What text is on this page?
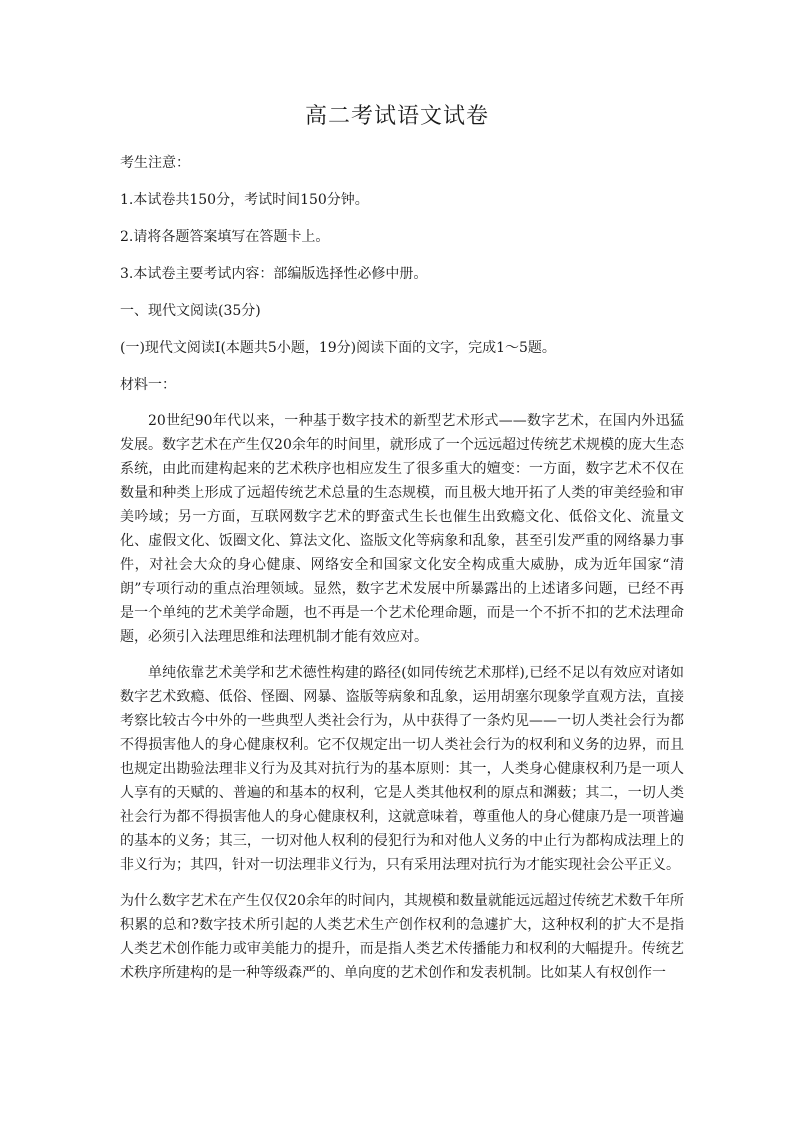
高二考试语文试卷

考生注意：

1.本试卷共150分，考试时间150分钟。

2.请将各题答案填写在答题卡上。

3.本试卷主要考试内容：部编版选择性必修中册。

一、现代文阅读(35分)

(一)现代文阅读Ⅰ(本题共5小题，19分)阅读下面的文字，完成1～5题。

材料一：

20世纪90年代以来，一种基于数字技术的新型艺术形式——数字艺术，在国内外迅猛发展。数字艺术在产生仅20余年的时间里，就形成了一个远远超过传统艺术规模的庞大生态系统，由此而建构起来的艺术秩序也相应发生了很多重大的嬗变：一方面，数字艺术不仅在数量和种类上形成了远超传统艺术总量的生态规模，而且极大地开拓了人类的审美经验和审美吟域；另一方面，互联网数字艺术的野蛮式生长也催生出致瘾文化、低俗文化、流量文化、虚假文化、饭圈文化、算法文化、盗版文化等病象和乱象，甚至引发严重的网络暴力事件，对社会大众的身心健康、网络安全和国家文化安全构成重大威胁，成为近年国家“清朗”专项行动的重点治理领域。显然，数字艺术发展中所暴露出的上述诸多问题，已经不再是一个单纯的艺术美学命题，也不再是一个艺术伦理命题，而是一个不折不扣的艺术法理命题，必须引入法理思维和法理机制才能有效应对。

单纯依靠艺术美学和艺术德性构建的路径(如同传统艺术那样),已经不足以有效应对诸如数字艺术致瘾、低俗、怪圈、网暴、盗版等病象和乱象，运用胡塞尔现象学直观方法，直接考察比较古今中外的一些典型人类社会行为，从中获得了一条灼见——一切人类社会行为都不得损害他人的身心健康权利。它不仅规定出一切人类社会行为的权利和义务的边界，而且也规定出勘验法理非义行为及其对抗行为的基本原则：其一，人类身心健康权利乃是一项人人享有的天赋的、普遍的和基本的权利，它是人类其他权利的原点和渊薮；其二，一切人类社会行为都不得损害他人的身心健康权利，这就意味着，尊重他人的身心健康乃是一项普遍的基本的义务；其三，一切对他人权利的侵犯行为和对他人义务的中止行为都构成法理上的非义行为；其四，针对一切法理非义行为，只有采用法理对抗行为才能实现社会公平正义。

为什么数字艺术在产生仅仅20余年的时间内，其规模和数量就能远远超过传统艺术数千年所积累的总和?数字技术所引起的人类艺术生产创作权利的急遽扩大，这种权利的扩大不是指人类艺术创作能力或审美能力的提升，而是指人类艺术传播能力和权利的大幅提升。传统艺术秩序所建构的是一种等级森严的、单向度的艺术创作和发表机制。比如某人有权创作一
